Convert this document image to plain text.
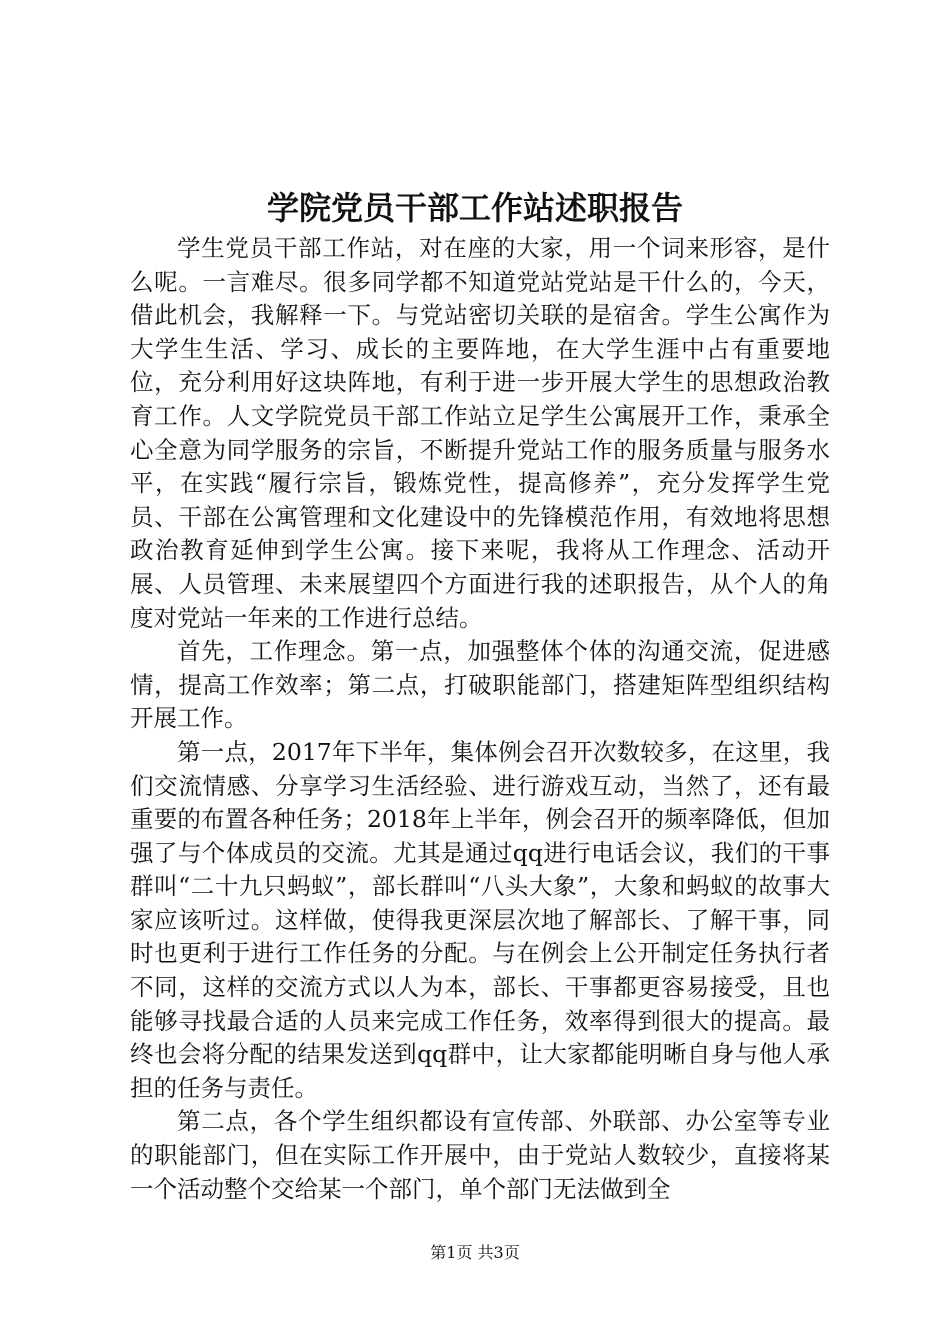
学院党员干部工作站述职报告

学生党员干部工作站，对在座的大家，用一个词来形容，是什么呢。一言难尽。很多同学都不知道党站党站是干什么的，今天，借此机会，我解释一下。与党站密切关联的是宿舍。学生公寓作为大学生生活、学习、成长的主要阵地，在大学生涯中占有重要地位，充分利用好这块阵地，有利于进一步开展大学生的思想政治教育工作。人文学院党员干部工作站立足学生公寓展开工作，秉承全心全意为同学服务的宗旨，不断提升党站工作的服务质量与服务水平，在实践“履行宗旨，锻炼党性，提高修养”，充分发挥学生党员、干部在公寓管理和文化建设中的先锋模范作用，有效地将思想政治教育延伸到学生公寓。接下来呢，我将从工作理念、活动开展、人员管理、未来展望四个方面进行我的述职报告，从个人的角度对党站一年来的工作进行总结。

首先，工作理念。第一点，加强整体个体的沟通交流，促进感情，提高工作效率；第二点，打破职能部门，搭建矩阵型组织结构开展工作。

第一点，2017年下半年，集体例会召开次数较多，在这里，我们交流情感、分享学习生活经验、进行游戏互动，当然了，还有最重要的布置各种任务；2018年上半年，例会召开的频率降低，但加强了与个体成员的交流。尤其是通过qq进行电话会议，我们的干事群叫“二十九只蚂蚁”，部长群叫“八头大象”，大象和蚂蚁的故事大家应该听过。这样做，使得我更深层次地了解部长、了解干事，同时也更利于进行工作任务的分配。与在例会上公开制定任务执行者不同，这样的交流方式以人为本，部长、干事都更容易接受，且也能够寻找最合适的人员来完成工作任务，效率得到很大的提高。最终也会将分配的结果发送到qq群中，让大家都能明晰自身与他人承担的任务与责任。

第二点，各个学生组织都设有宣传部、外联部、办公室等专业的职能部门，但在实际工作开展中，由于党站人数较少，直接将某一个活动整个交给某一个部门，单个部门无法做到全

第1页 共3页
